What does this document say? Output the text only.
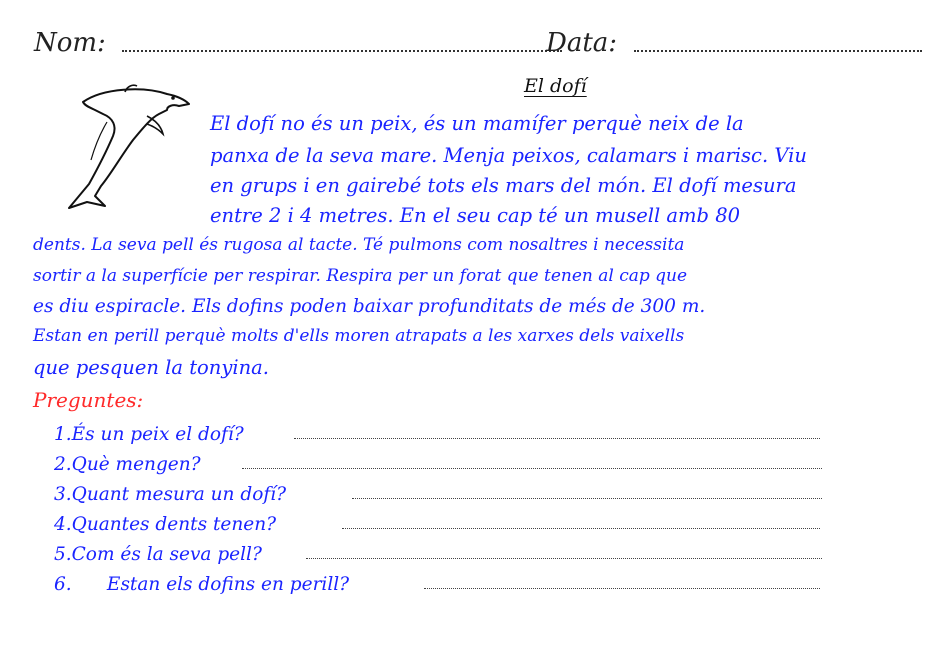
Nom:	Data:
El dofí
El dofí no és un peix, és un mamífer perquè neix de la
panxa de la seva mare. Menja peixos, calamars i marisc. Viu
en grups i en gairebé tots els mars del món. El dofí mesura
entre 2 i 4 metres. En el seu cap té un musell amb 80
dents. La seva pell és rugosa al tacte. Té pulmons com nosaltres i necessita
sortir a la superfície per respirar. Respira per un forat que tenen al cap que
es diu espiracle. Els dofins poden baixar profunditats de més de 300 m.
Estan en perill perquè molts d'ells moren atrapats a les xarxes dels vaixells
que pesquen la tonyina.
Preguntes:
1.És un peix el dofí?
2.Què mengen?
3.Quant mesura un dofí?
4.Quantes dents tenen?
5.Com és la seva pell?
6.      Estan els dofins en perill?
